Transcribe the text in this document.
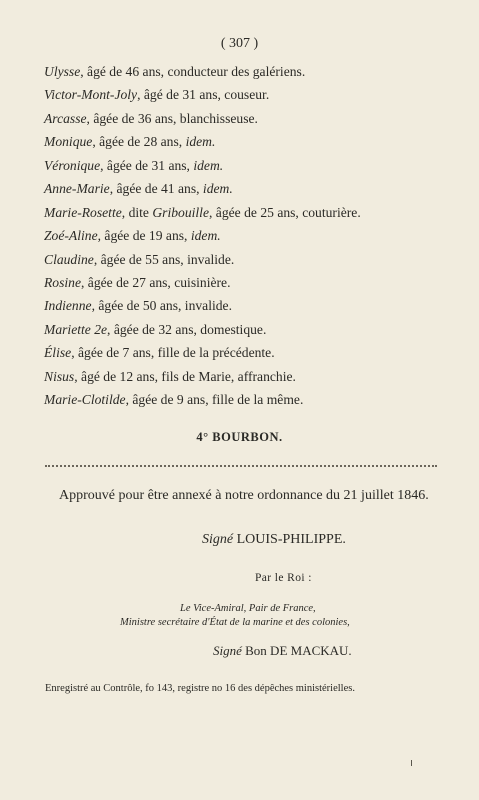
( 307 )
Ulysse, âgé de 46 ans, conducteur des galériens.
Victor-Mont-Joly, âgé de 31 ans, couseur.
Arcasse, âgée de 36 ans, blanchisseuse.
Monique, âgée de 28 ans, idem.
Véronique, âgée de 31 ans, idem.
Anne-Marie, âgée de 41 ans, idem.
Marie-Rosette, dite Gribouille, âgée de 25 ans, couturière.
Zoé-Aline, âgée de 19 ans, idem.
Claudine, âgée de 55 ans, invalide.
Rosine, âgée de 27 ans, cuisinière.
Indienne, âgée de 50 ans, invalide.
Mariette 2e, âgée de 32 ans, domestique.
Élise, âgée de 7 ans, fille de la précédente.
Nisus, âgé de 12 ans, fils de Marie, affranchie.
Marie-Clotilde, âgée de 9 ans, fille de la même.
4° BOURBON.
Approuvé pour être annexé à notre ordonnance du 21 juillet 1846.
Signé LOUIS-PHILIPPE.
Par le Roi :
Le Vice-Amiral, Pair de France,
Ministre secrétaire d'État de la marine et des colonies,
Signé Bon DE MACKAU.
Enregistré au Contrôle, fo 143, registre no 16 des dépêches ministérielles.
